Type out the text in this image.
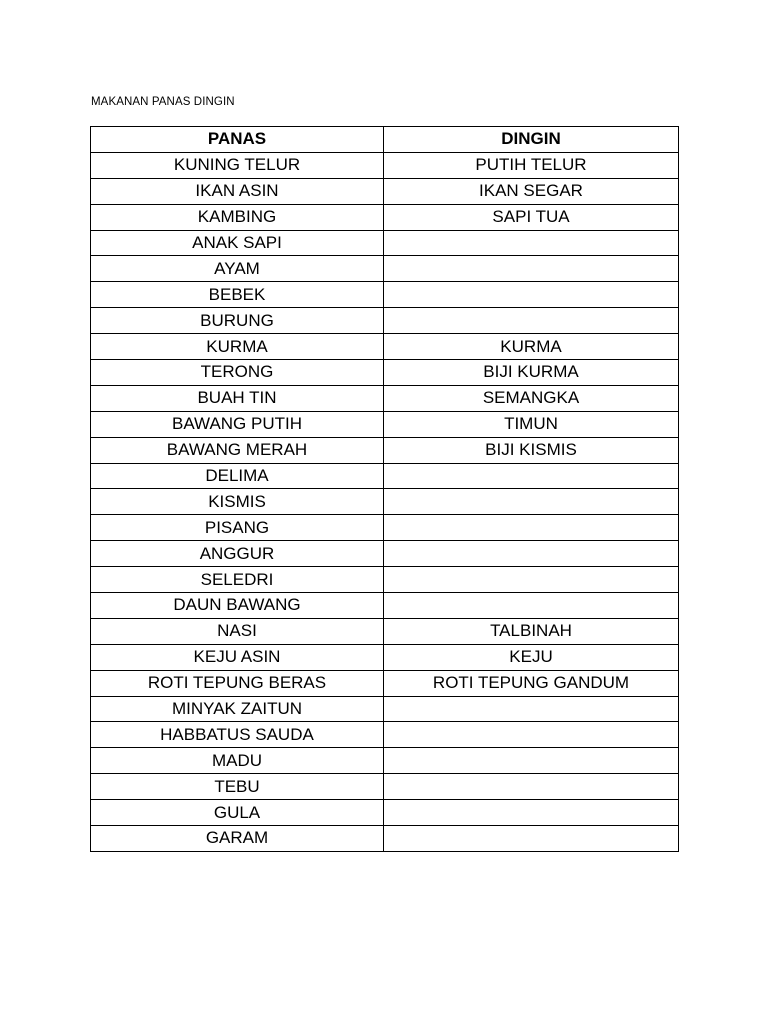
MAKANAN PANAS DINGIN
PANAS	DINGIN
KUNING TELUR	PUTIH TELUR
IKAN ASIN	IKAN SEGAR
KAMBING	SAPI TUA
ANAK SAPI	
AYAM	
BEBEK	
BURUNG	
KURMA	KURMA
TERONG	BIJI KURMA
BUAH TIN	SEMANGKA
BAWANG PUTIH	TIMUN
BAWANG MERAH	BIJI KISMIS
DELIMA	
KISMIS	
PISANG	
ANGGUR	
SELEDRI	
DAUN BAWANG	
NASI	TALBINAH
KEJU ASIN	KEJU
ROTI TEPUNG BERAS	ROTI TEPUNG GANDUM
MINYAK ZAITUN	
HABBATUS SAUDA	
MADU	
TEBU	
GULA	
GARAM	
